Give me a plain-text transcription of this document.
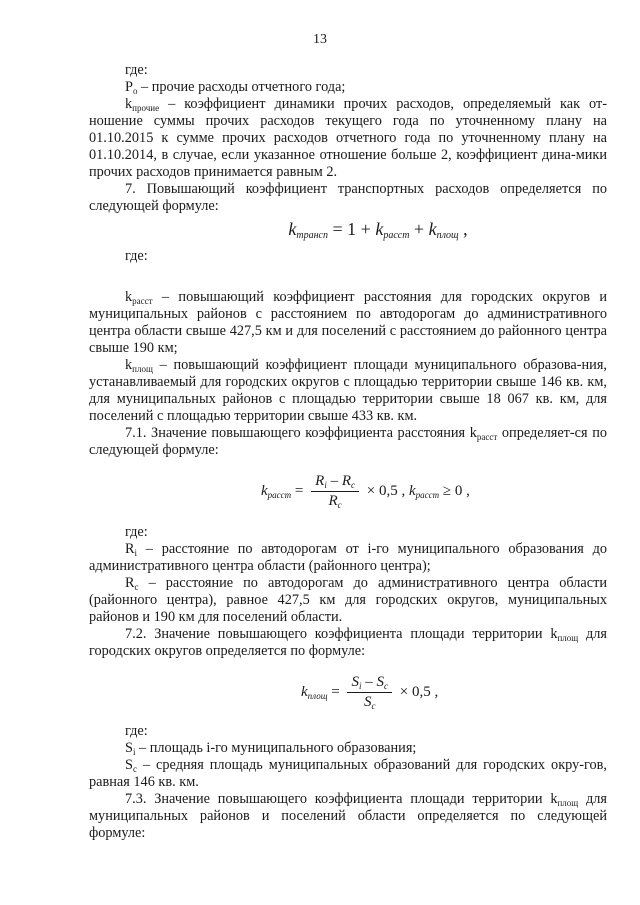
13

где:

$P_o$ – прочие расходы отчетного года;

$k_{прочие}$ – коэффициент динамики прочих расходов, определяемый как от-ношение суммы прочих расходов текущего года по уточненному плану на 01.10.2015 к сумме прочих расходов отчетного года по уточненному плану на 01.10.2014, в случае, если указанное отношение больше 2, коэффициент дина-мики прочих расходов принимается равным 2.

7. Повышающий коэффициент транспортных расходов определяется по следующей формуле:

$k_{трансп} = 1 + k_{расст} + k_{площ}$ ,

где:

$k_{расст}$ – повышающий коэффициент расстояния для городских округов и муниципальных районов с расстоянием по автодорогам до административного центра области свыше 427,5 км и для поселений с расстоянием до районного центра свыше 190 км;

$k_{площ}$ – повышающий коэффициент площади муниципального образова-ния, устанавливаемый для городских округов с площадью территории свыше 146 кв. км, для муниципальных районов с площадью территории свыше 18 067 кв. км, для поселений с площадью территории свыше 433 кв. км.

7.1. Значение повышающего коэффициента расстояния $k_{расст}$ определяет-ся по следующей формуле:

$k_{расст} = \frac{R_i - R_c}{R_c} \times 0,5$ , $k_{расст} \ge 0$ ,

где:

$R_i$ – расстояние по автодорогам от i-го муниципального образования до административного центра области (районного центра);

$R_c$ – расстояние по автодорогам до административного центра области (районного центра), равное 427,5 км для городских округов, муниципальных районов и 190 км для поселений области.

7.2. Значение повышающего коэффициента площади территории $k_{площ}$ для городских округов определяется по формуле:

$k_{площ} = \frac{S_i - S_c}{S_c} \times 0,5$ ,

где:

$S_i$ – площадь i-го муниципального образования;

$S_c$ – средняя площадь муниципальных образований для городских окру-гов, равная 146 кв. км.

7.3. Значение повышающего коэффициента площади территории $k_{площ}$ для муниципальных районов и поселений области определяется по следующей формуле:
